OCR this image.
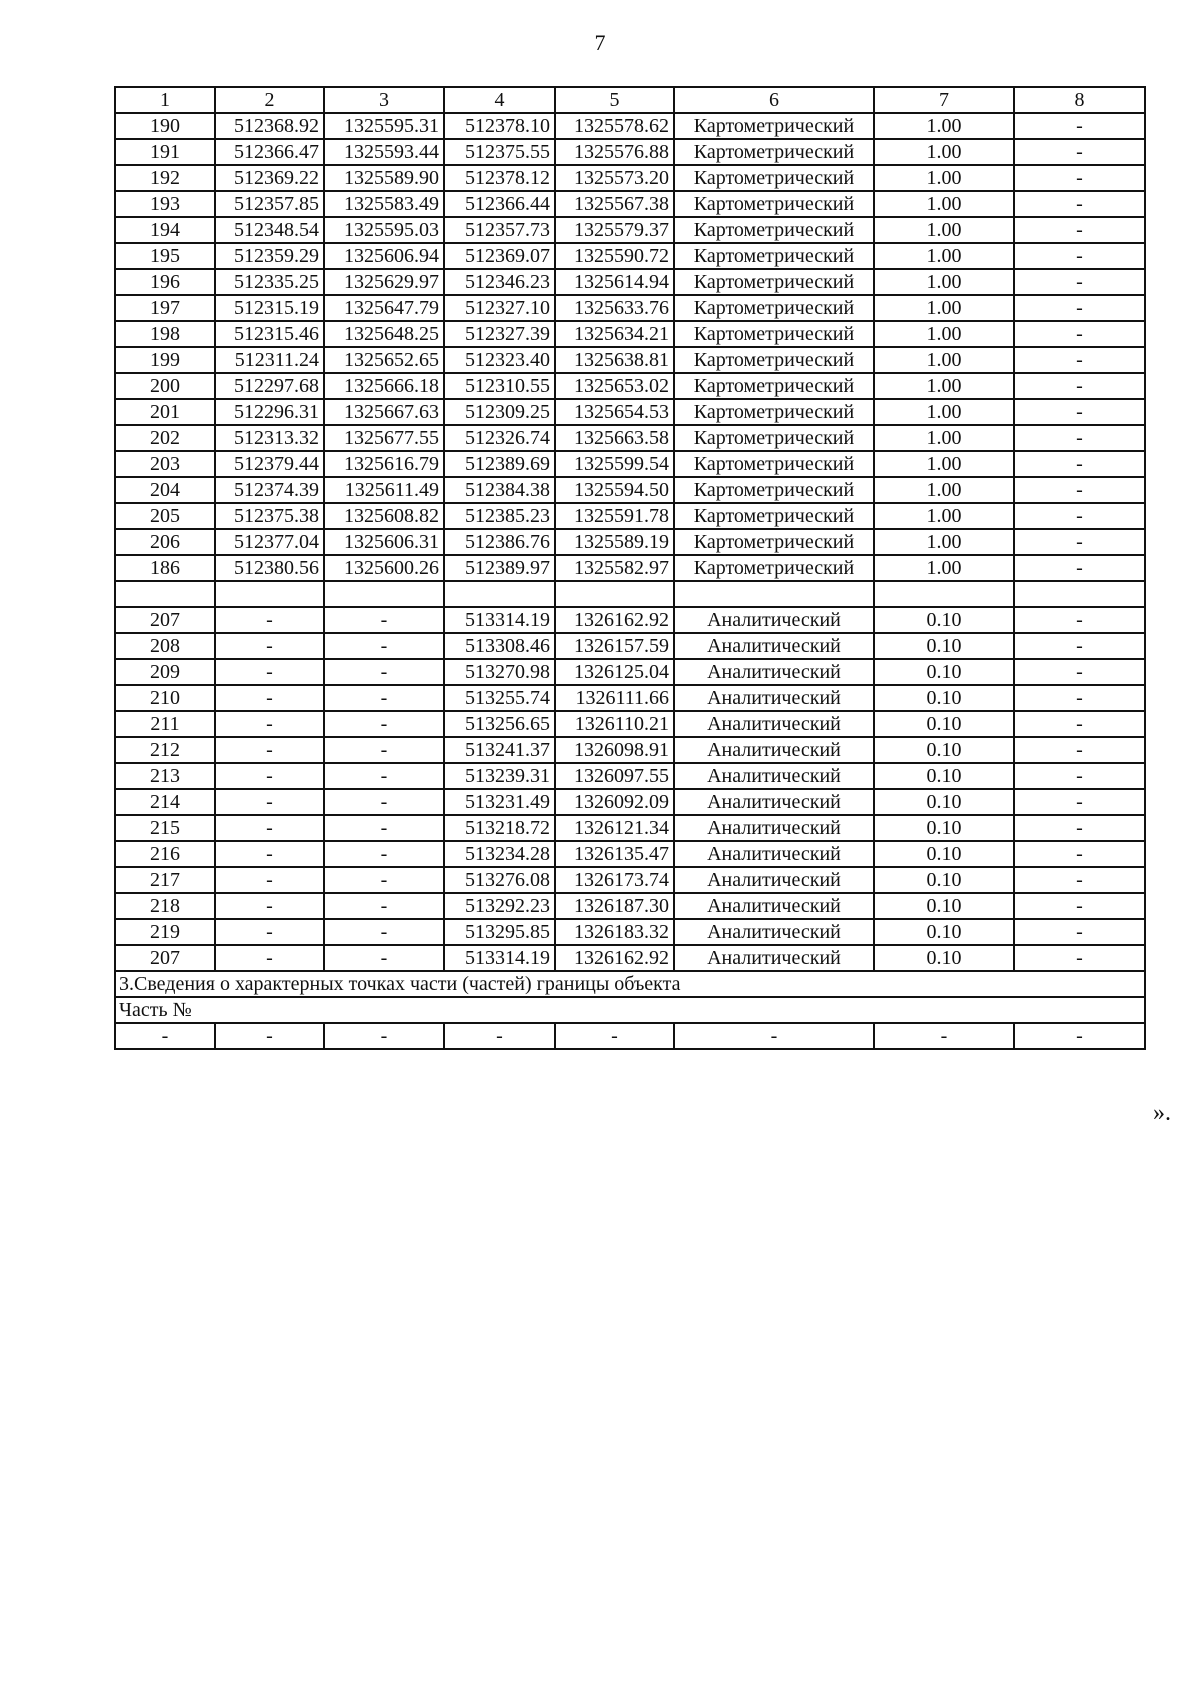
7
1	2	3	4	5	6	7	8
190	512368.92	1325595.31	512378.10	1325578.62	Картометрический	1.00	-
191	512366.47	1325593.44	512375.55	1325576.88	Картометрический	1.00	-
192	512369.22	1325589.90	512378.12	1325573.20	Картометрический	1.00	-
193	512357.85	1325583.49	512366.44	1325567.38	Картометрический	1.00	-
194	512348.54	1325595.03	512357.73	1325579.37	Картометрический	1.00	-
195	512359.29	1325606.94	512369.07	1325590.72	Картометрический	1.00	-
196	512335.25	1325629.97	512346.23	1325614.94	Картометрический	1.00	-
197	512315.19	1325647.79	512327.10	1325633.76	Картометрический	1.00	-
198	512315.46	1325648.25	512327.39	1325634.21	Картометрический	1.00	-
199	512311.24	1325652.65	512323.40	1325638.81	Картометрический	1.00	-
200	512297.68	1325666.18	512310.55	1325653.02	Картометрический	1.00	-
201	512296.31	1325667.63	512309.25	1325654.53	Картометрический	1.00	-
202	512313.32	1325677.55	512326.74	1325663.58	Картометрический	1.00	-
203	512379.44	1325616.79	512389.69	1325599.54	Картометрический	1.00	-
204	512374.39	1325611.49	512384.38	1325594.50	Картометрический	1.00	-
205	512375.38	1325608.82	512385.23	1325591.78	Картометрический	1.00	-
206	512377.04	1325606.31	512386.76	1325589.19	Картометрический	1.00	-
186	512380.56	1325600.26	512389.97	1325582.97	Картометрический	1.00	-

207	-	-	513314.19	1326162.92	Аналитический	0.10	-
208	-	-	513308.46	1326157.59	Аналитический	0.10	-
209	-	-	513270.98	1326125.04	Аналитический	0.10	-
210	-	-	513255.74	1326111.66	Аналитический	0.10	-
211	-	-	513256.65	1326110.21	Аналитический	0.10	-
212	-	-	513241.37	1326098.91	Аналитический	0.10	-
213	-	-	513239.31	1326097.55	Аналитический	0.10	-
214	-	-	513231.49	1326092.09	Аналитический	0.10	-
215	-	-	513218.72	1326121.34	Аналитический	0.10	-
216	-	-	513234.28	1326135.47	Аналитический	0.10	-
217	-	-	513276.08	1326173.74	Аналитический	0.10	-
218	-	-	513292.23	1326187.30	Аналитический	0.10	-
219	-	-	513295.85	1326183.32	Аналитический	0.10	-
207	-	-	513314.19	1326162.92	Аналитический	0.10	-
3.Сведения о характерных точках части (частей) границы объекта							
Часть №							
-	-	-	-	-	-	-	-
».
